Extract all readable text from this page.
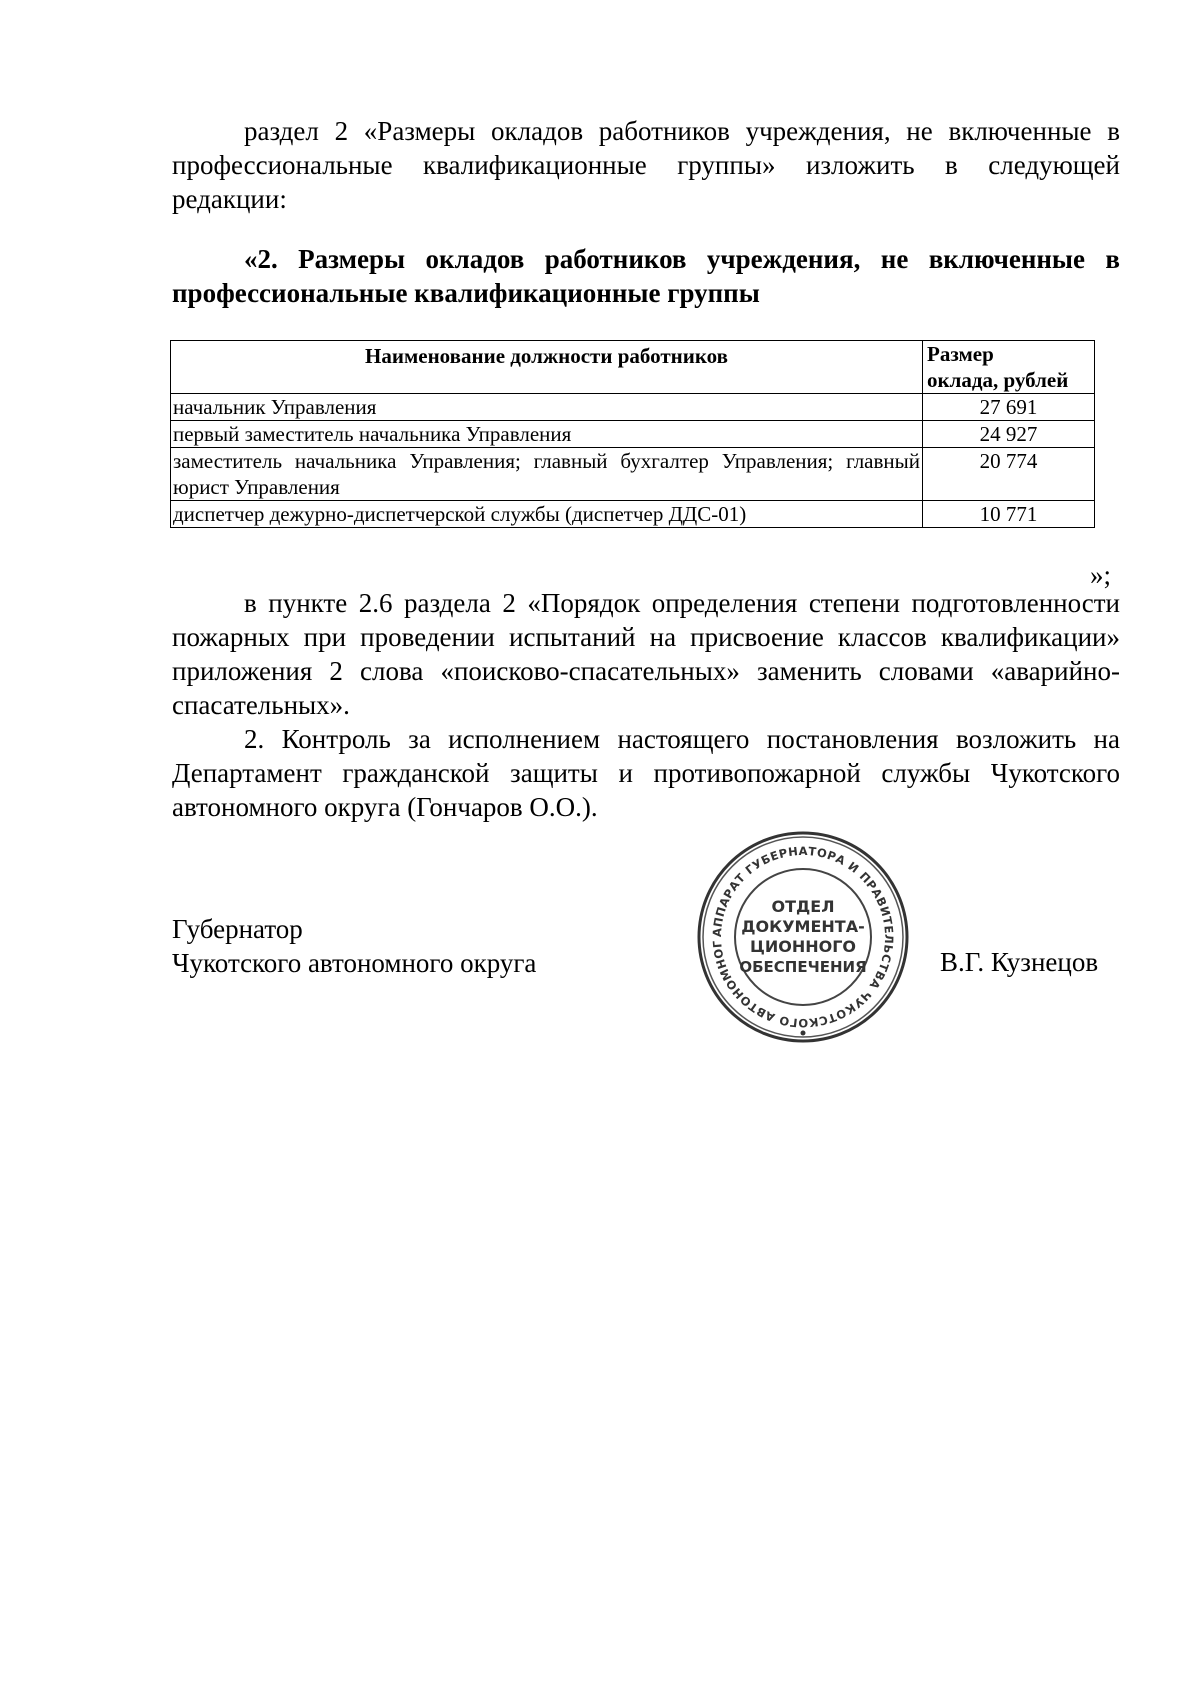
раздел 2 «Размеры окладов работников учреждения, не включенные в профессиональные квалификационные группы» изложить в следующей редакции:

«2. Размеры окладов работников учреждения, не включенные в профессиональные квалификационные группы

Наименование должности работников	Размер
оклада, рублей
начальник Управления	27 691
первый заместитель начальника Управления	24 927
заместитель начальника Управления; главный бухгалтер Управления; главный юрист Управления	20 774
диспетчер дежурно-диспетчерской службы (диспетчер ДДС-01)	10 771
»;

в пункте 2.6 раздела 2 «Порядок определения степени подготовленности пожарных при проведении испытаний на присвоение классов квалификации» приложения 2 слова «поисково-спасательных» заменить словами «аварийно-спасательных».

2. Контроль за исполнением настоящего постановления возложить на Департамент гражданской защиты и противопожарной службы Чукотского автономного округа (Гончаров О.О.).

Губернатор
Чукотского автономного округа
АППАРАТ ГУБЕРНАТОРА И ПРАВИТЕЛЬСТВА ЧУКОТСКОГО АВТОНОМНОГ
ОТДЕЛ
ДОКУМЕНТА-
ЦИОННОГО
ОБЕСПЕЧЕНИЯ	В.Г. Кузнецов
